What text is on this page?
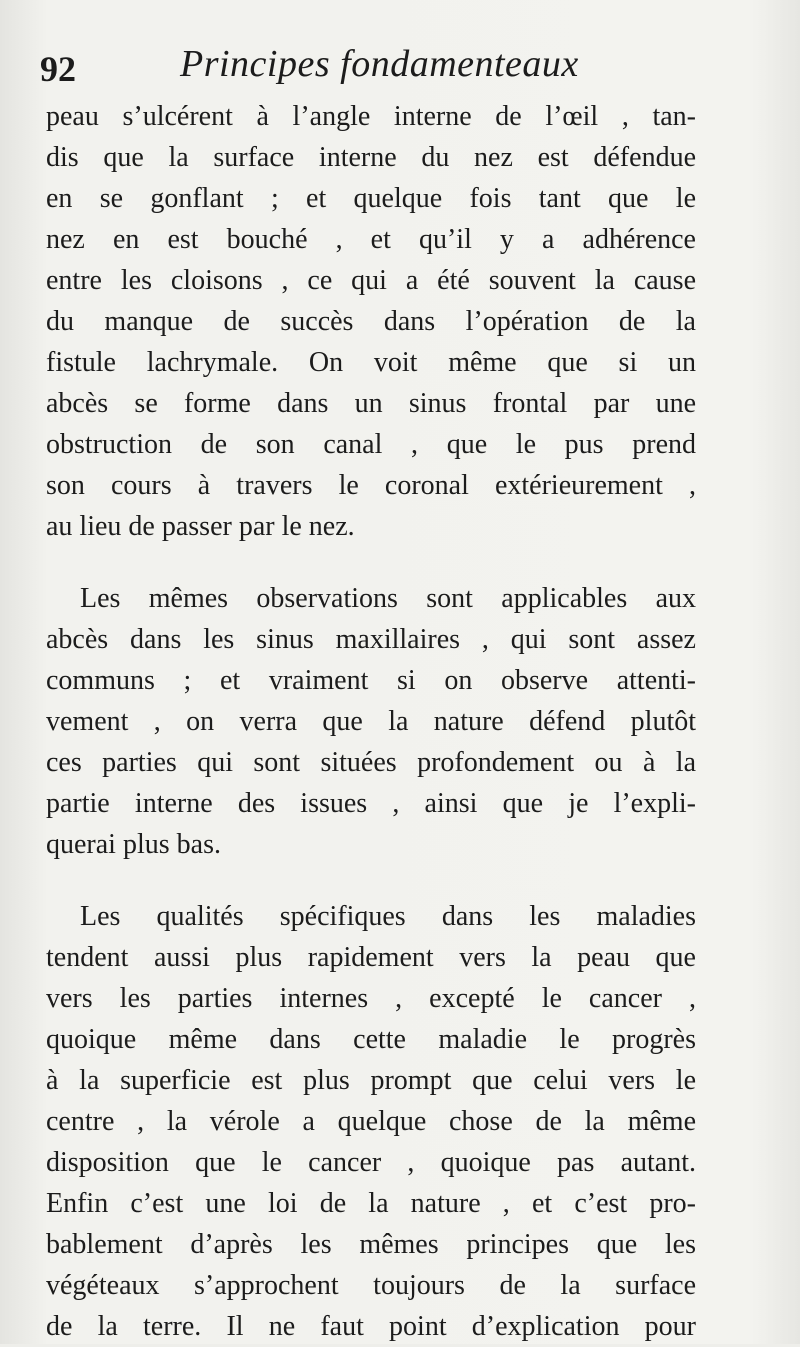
92	Principes fondamenteaux
peau s’ulcérent à l’angle interne de l’œil , tan-
dis que la surface interne du nez est défendue
en se gonflant ; et quelque fois tant que le
nez en est bouché , et qu’il y a adhérence
entre les cloisons , ce qui a été souvent la cause
du manque de succès dans l’opération de la
fistule lachrymale. On voit même que si un
abcès se forme dans un sinus frontal par une
obstruction de son canal , que le pus prend
son cours à travers le coronal extérieurement ,
au lieu de passer par le nez.
Les mêmes observations sont applicables aux
abcès dans les sinus maxillaires , qui sont assez
communs ; et vraiment si on observe attenti-
vement , on verra que la nature défend plutôt
ces parties qui sont situées profondement ou à la
partie interne des issues , ainsi que je l’expli-
querai plus bas.
Les qualités spécifiques dans les maladies
tendent aussi plus rapidement vers la peau que
vers les parties internes , excepté le cancer ,
quoique même dans cette maladie le progrès
à la superficie est plus prompt que celui vers le
centre , la vérole a quelque chose de la même
disposition que le cancer , quoique pas autant.
Enfin c’est une loi de la nature , et c’est pro-
bablement d’après les mêmes principes que les
végéteaux s’approchent toujours de la surface
de la terre. Il ne faut point d’explication pour
